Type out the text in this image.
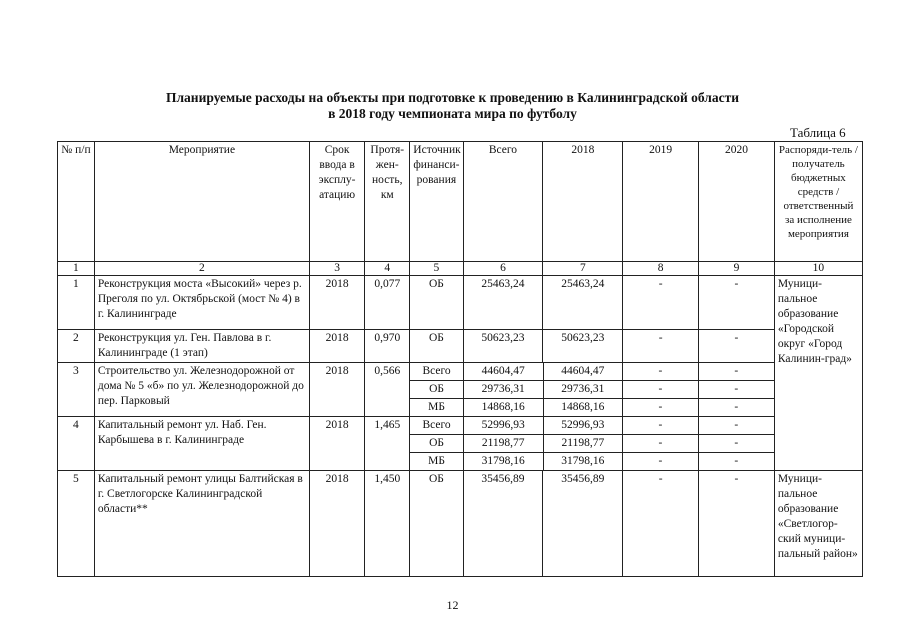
Планируемые расходы на объекты при подготовке к проведению в Калининградской области
в 2018 году чемпионата мира по футболу
Таблица 6
№ п/п	Мероприятие	Срок ввода в эксплу-атацию	Протя-жен-ность, км	Источник финанси-рования	Всего	2018	2019	2020	Распоряди-тель / получатель бюджетных средств / ответственный за исполнение мероприятия
1	2	3	4	5	6	7	8	9	10
1	Реконструкция моста «Высокий» через р. Преголя по ул. Октябрьской (мост № 4) в г. Калининграде	2018	0,077	ОБ	25463,24	25463,24	-	-	Муници-пальное образование «Городской округ «Город Калинин-град»
2	Реконструкция ул. Ген. Павлова в г. Калининграде (1 этап)	2018	0,970	ОБ	50623,23	50623,23	-	-
3	Строительство ул. Железнодорожной от дома № 5 «б» по ул. Железнодорожной до пер. Парковый	2018	0,566	Всего	44604,47	44604,47	-	-
ОБ	29736,31	29736,31	-	-
МБ	14868,16	14868,16	-	-

4	Капитальный ремонт ул. Наб. Ген. Карбышева в г. Калининграде	2018	1,465	Всего	52996,93	52996,93	-	-
ОБ	21198,77	21198,77	-	-
МБ	31798,16	31798,16	-	-

5	Капитальный ремонт улицы Балтийская в г. Светлогорске Калининградской области**	2018	1,450	ОБ	35456,89	35456,89	-	-	Муници-пальное образование «Светлогор-ский муници-пальный район»
12
